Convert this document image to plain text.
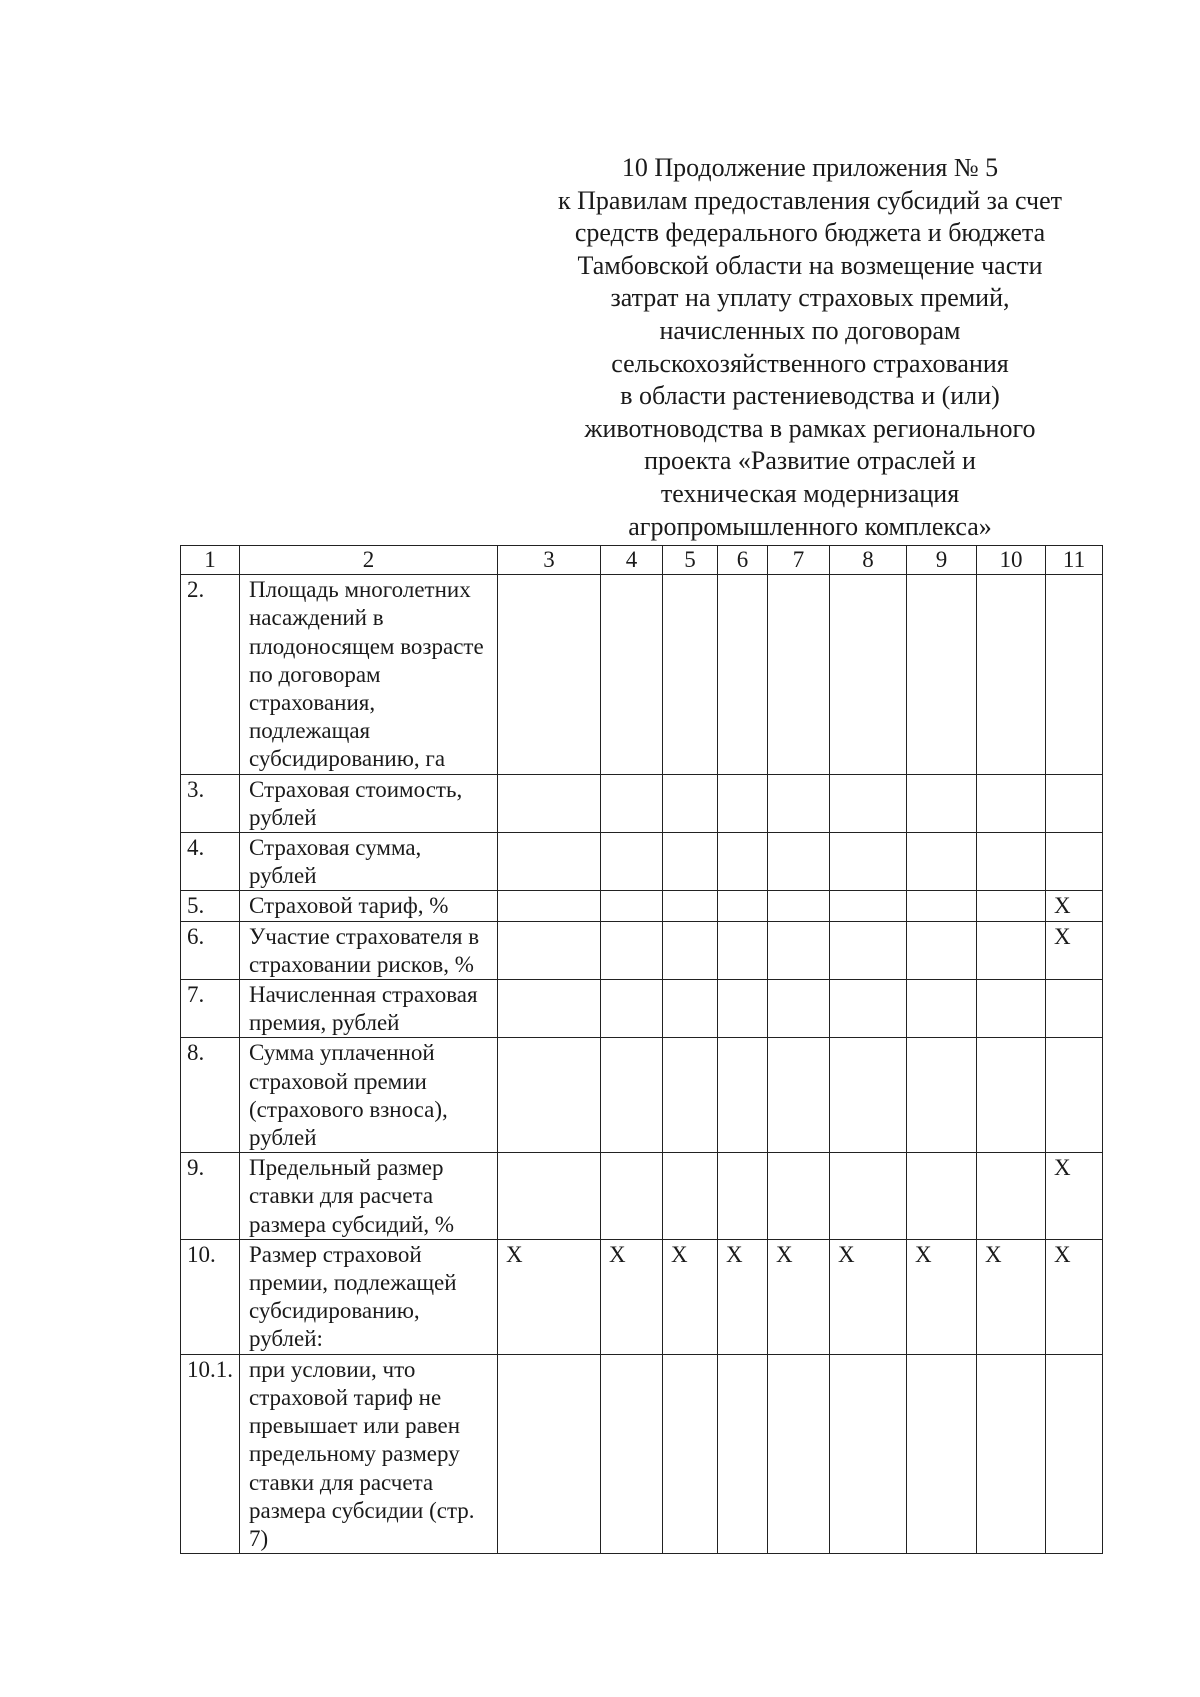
10 Продолжение приложения № 5
к Правилам предоставления субсидий за счет
средств федерального бюджета и бюджета
Тамбовской области на возмещение части
затрат на уплату страховых премий,
начисленных по договорам
сельскохозяйственного страхования
в области растениеводства и (или)
животноводства в рамках регионального
проекта «Развитие отраслей и
техническая модернизация
агропромышленного комплекса»
1	2	3	4	5	6	7	8	9	10	11
2.	Площадь многолетних насаждений в плодоносящем возрасте по договорам страхования, подлежащая субсидированию, га									
3.	Страховая стоимость, рублей									
4.	Страховая сумма, рублей									
5.	Страховой тариф, %									X
6.	Участие страхователя в страховании рисков, %									X
7.	Начисленная страховая премия, рублей									
8.	Сумма уплаченной страховой премии (страхового взноса), рублей									
9.	Предельный размер ставки для расчета размера субсидий, %									X
10.	Размер страховой премии, подлежащей субсидированию, рублей:	X	X	X	X	X	X	X	X	X
10.1.	при условии, что страховой тариф не превышает или равен предельному размеру ставки для расчета размера субсидии (стр. 7)									
